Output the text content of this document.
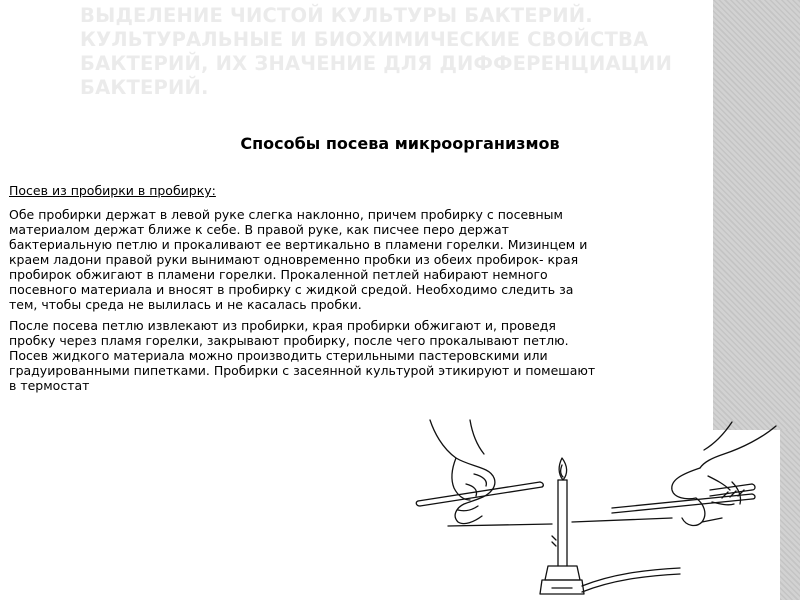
ВЫДЕЛЕНИЕ ЧИСТОЙ КУЛЬТУРЫ БАКТЕРИЙ.
КУЛЬТУРАЛЬНЫЕ И БИОХИМИЧЕСКИЕ СВОЙСТВА
БАКТЕРИЙ, ИХ ЗНАЧЕНИЕ ДЛЯ ДИФФЕРЕНЦИАЦИИ
БАКТЕРИЙ.
Способы посева микроорганизмов

Посев из пробирки в пробирку:

Обе пробирки держат в левой руке слегка наклонно, причем пробирку с посевным
материалом держат ближе к себе. В правой руке, как писчее перо держат
бактериальную петлю и прокаливают ее вертикально в пламени горелки. Мизинцем и
краем ладони правой руки вынимают одновременно пробки из обеих пробирок- края
пробирок обжигают в пламени горелки. Прокаленной петлей набирают немного
посевного материала и вносят в пробирку с жидкой средой. Необходимо следить за
тем, чтобы среда не вылилась и не касалась пробки.

После посева петлю извлекают из пробирки, края пробирки обжигают и, проведя
пробку через пламя горелки, закрывают пробирку, после чего прокалывают петлю.
Посев жидкого материала можно производить стерильными пастеровскими или
градуированными пипетками. Пробирки с засеянной культурой этикируют и помешают
в термостат
